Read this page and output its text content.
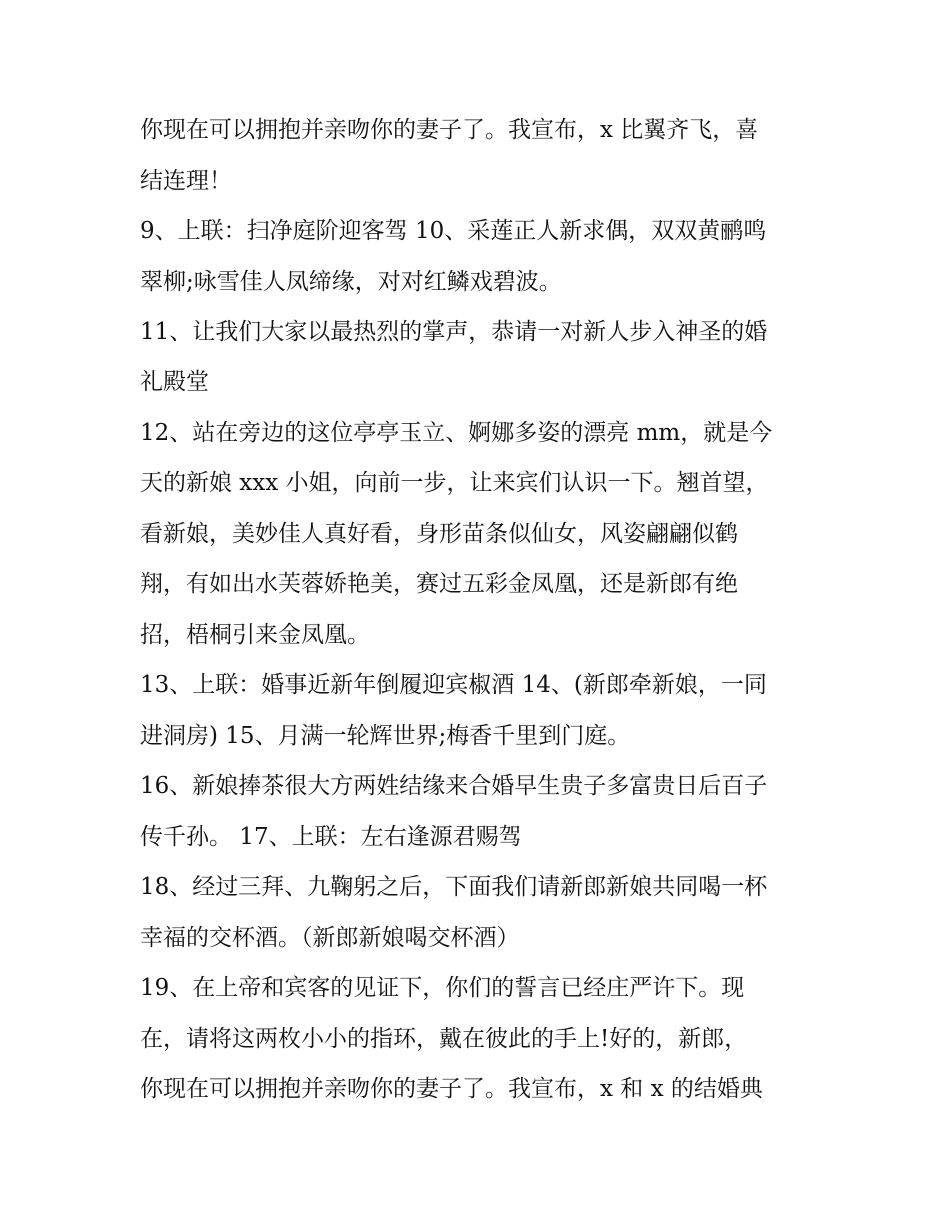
你现在可以拥抱并亲吻你的妻子了。我宣布，x 比翼齐飞，喜
结连理！
9、上联：扫净庭阶迎客驾 10、采莲正人新求偶，双双黄鹂鸣
翠柳;咏雪佳人凤缔缘，对对红鳞戏碧波。
11、让我们大家以最热烈的掌声，恭请一对新人步入神圣的婚
礼殿堂
12、站在旁边的这位亭亭玉立、婀娜多姿的漂亮 mm，就是今
天的新娘 xxx 小姐，向前一步，让来宾们认识一下。翘首望，
看新娘，美妙佳人真好看，身形苗条似仙女，风姿翩翩似鹤
翔，有如出水芙蓉娇艳美，赛过五彩金凤凰，还是新郎有绝
招，梧桐引来金凤凰。
13、上联：婚事近新年倒履迎宾椒酒 14、(新郎牵新娘，一同
进洞房) 15、月满一轮辉世界;梅香千里到门庭。
16、新娘捧茶很大方两姓结缘来合婚早生贵子多富贵日后百子
传千孙。 17、上联：左右逢源君赐驾
18、经过三拜、九鞠躬之后，下面我们请新郎新娘共同喝一杯
幸福的交杯酒。（新郎新娘喝交杯酒）
19、在上帝和宾客的见证下，你们的誓言已经庄严许下。现
在，请将这两枚小小的指环，戴在彼此的手上!好的，新郎，
你现在可以拥抱并亲吻你的妻子了。我宣布，x 和 x 的结婚典
